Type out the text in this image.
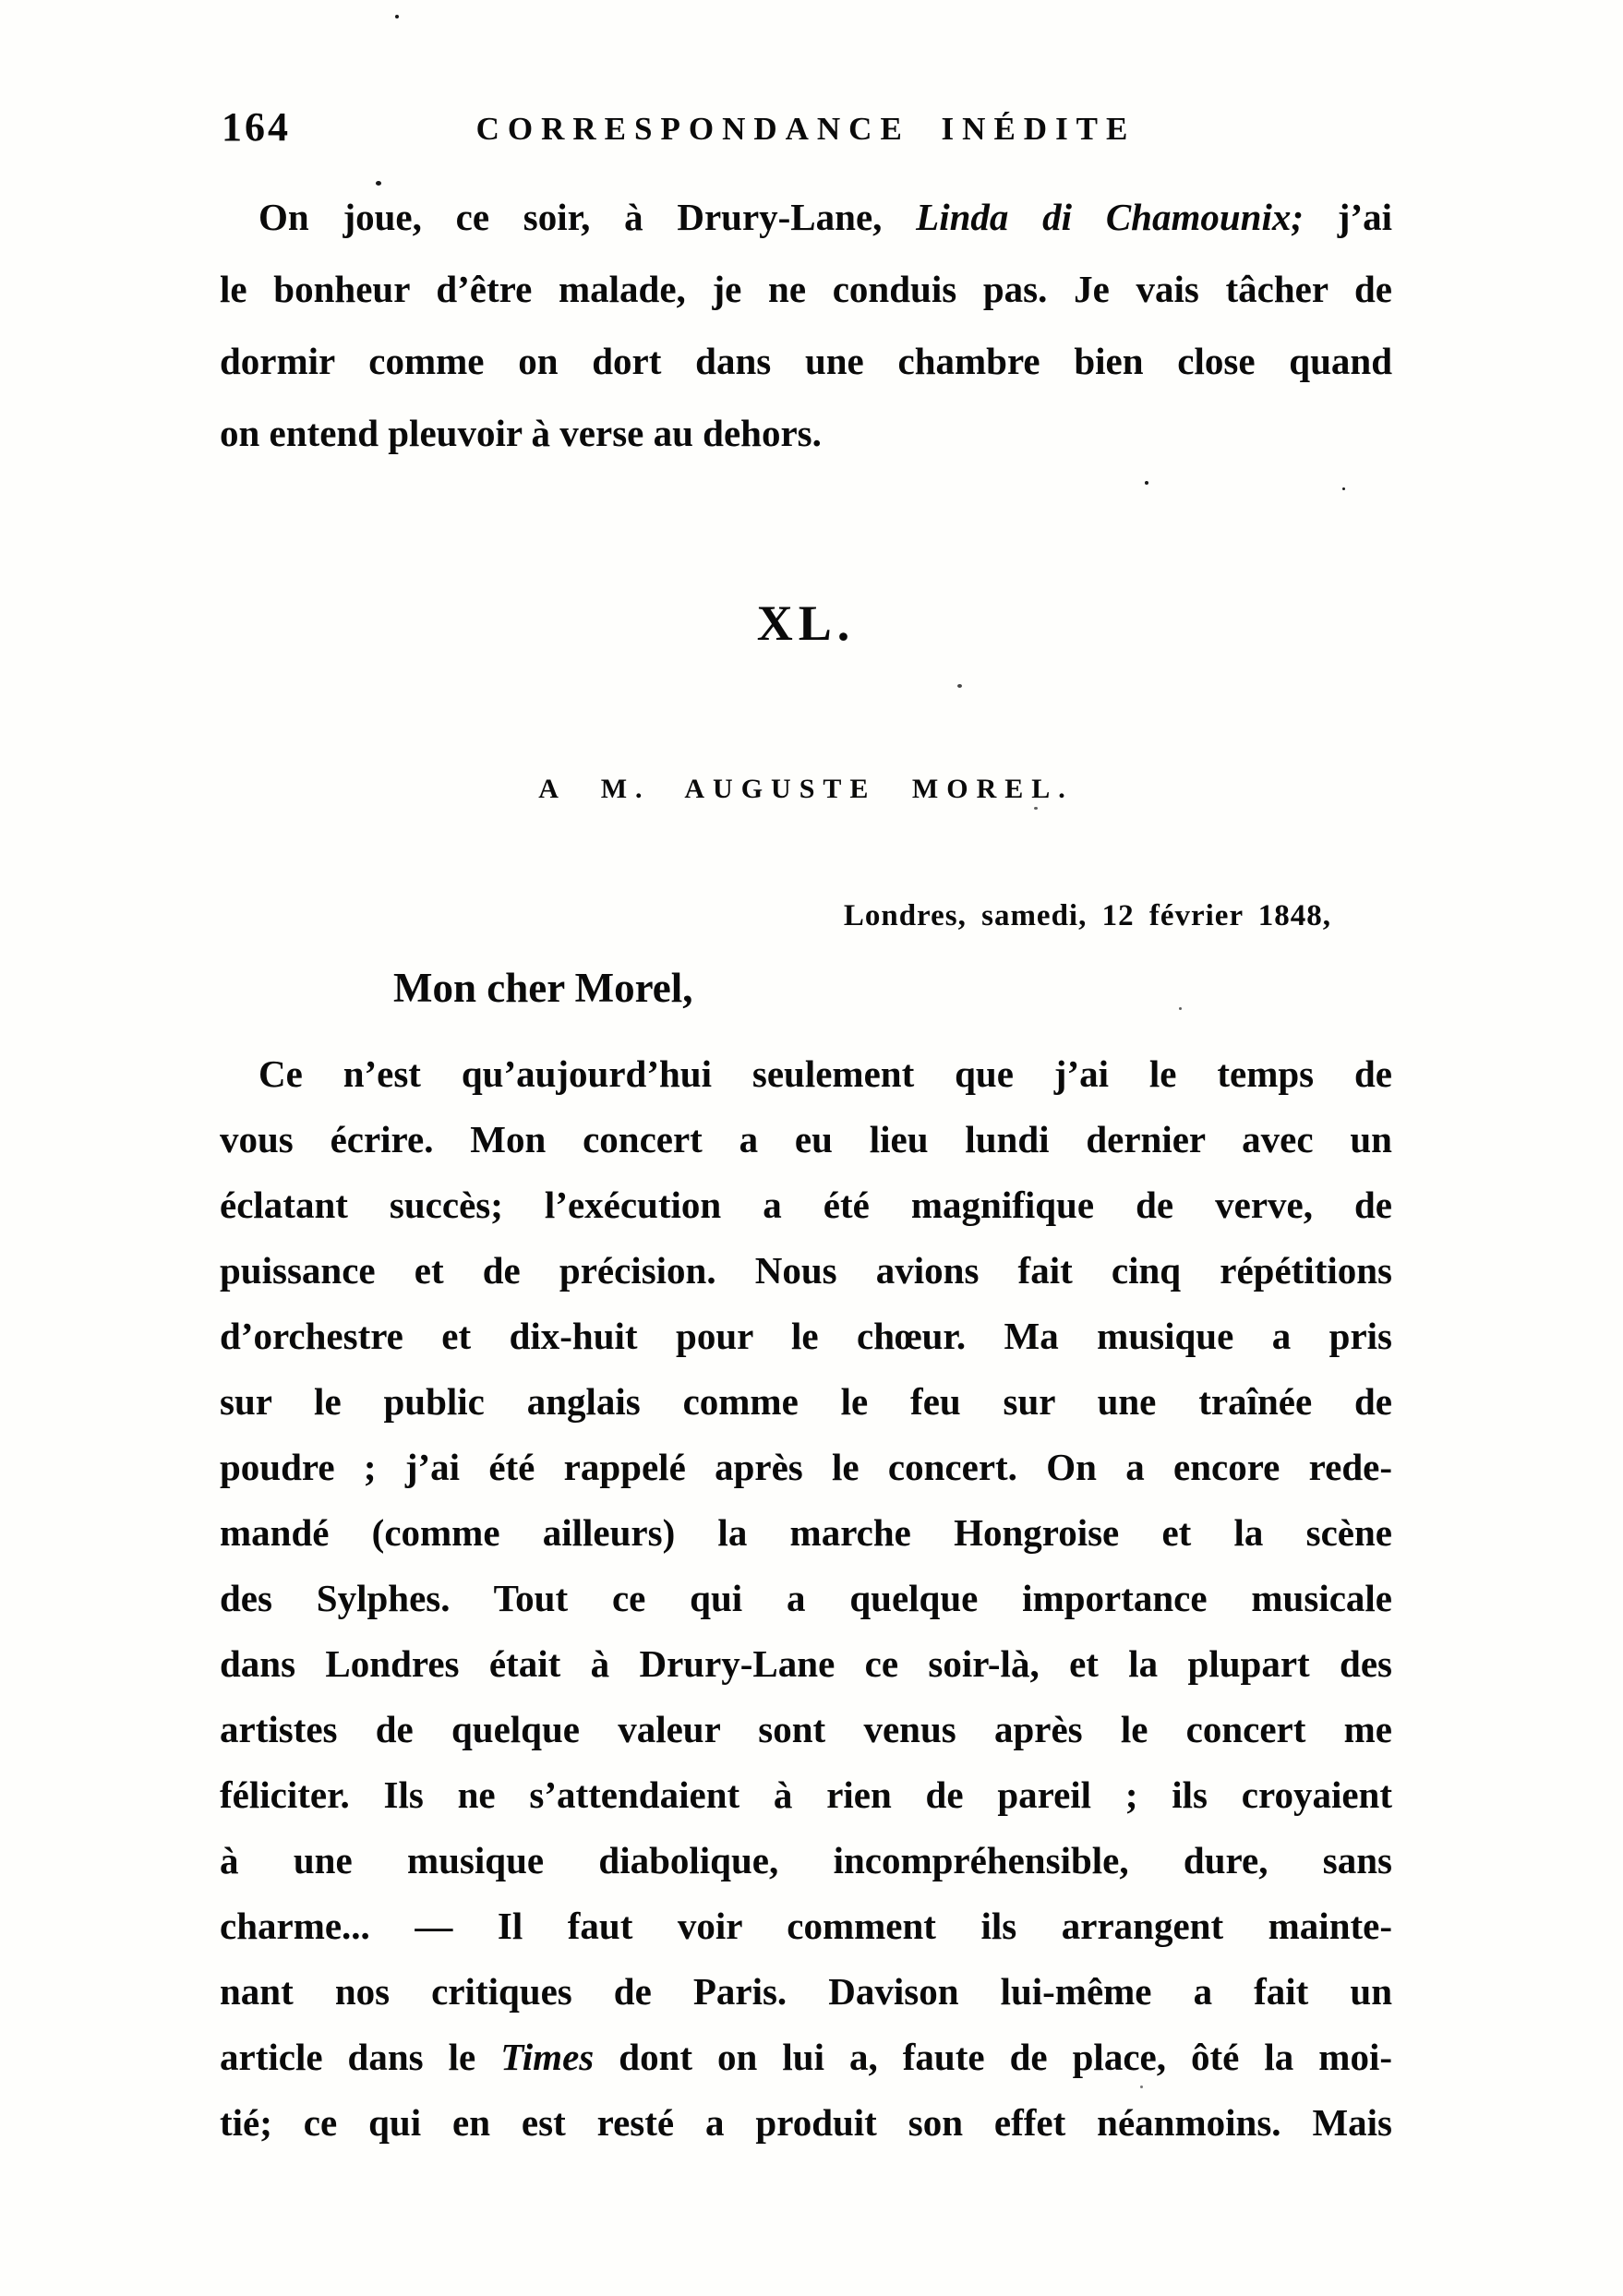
164	CORRESPONDANCE INÉDITE
On joue, ce soir, à Drury-Lane, Linda di Chamounix; j’ai
le bonheur d’être malade, je ne conduis pas. Je vais tâcher de
dormir comme on dort dans une chambre bien close quand
on entend pleuvoir à verse au dehors.
XL.
A M. AUGUSTE MOREL.
Londres, samedi, 12 février 1848,
Mon cher Morel,
Ce n’est qu’aujourd’hui seulement que j’ai le temps de
vous écrire. Mon concert a eu lieu lundi dernier avec un
éclatant succès; l’exécution a été magnifique de verve, de
puissance et de précision. Nous avions fait cinq répétitions
d’orchestre et dix-huit pour le chœur. Ma musique a pris
sur le public anglais comme le feu sur une traînée de
poudre ; j’ai été rappelé après le concert. On a encore rede-
mandé (comme ailleurs) la marche Hongroise et la scène
des Sylphes. Tout ce qui a quelque importance musicale
dans Londres était à Drury-Lane ce soir-là, et la plupart des
artistes de quelque valeur sont venus après le concert me
féliciter. Ils ne s’attendaient à rien de pareil ; ils croyaient
à une musique diabolique, incompréhensible, dure, sans
charme... — Il faut voir comment ils arrangent mainte-
nant nos critiques de Paris. Davison lui-même a fait un
article dans le Times dont on lui a, faute de place, ôté la moi-
tié; ce qui en est resté a produit son effet néanmoins. Mais
